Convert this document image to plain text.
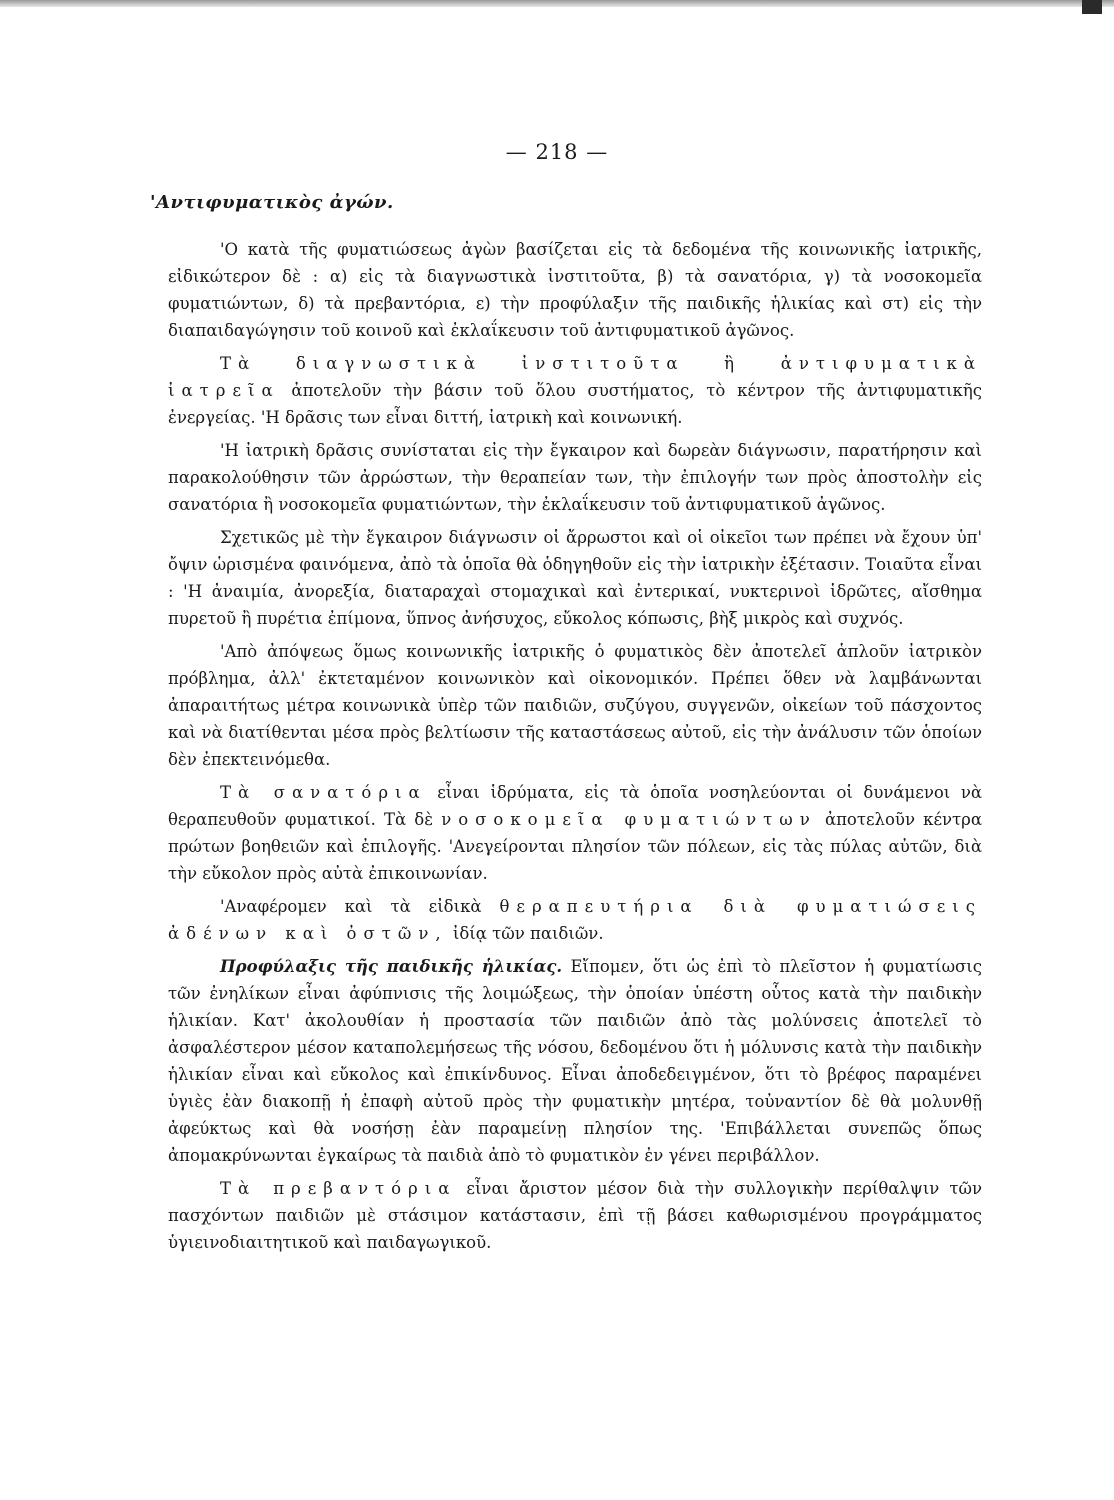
— 218 —
'Αντιφυματικὸς ἀγών.

'Ο κατὰ τῆς φυματιώσεως ἀγὼν βασίζεται εἰς τὰ δεδομένα τῆς κοινωνικῆς ἰατρικῆς, εἰδικώτερον δὲ : α) εἰς τὰ διαγνωστικὰ ἰνστιτοῦτα, β) τὰ σανατόρια, γ) τὰ νοσοκομεῖα φυματιώντων, δ) τὰ πρεβαντόρια, ε) τὴν προφύλαξιν τῆς παιδικῆς ἡλικίας καὶ στ) εἰς τὴν διαπαιδαγώγησιν τοῦ κοινοῦ καὶ ἐκλαΐκευσιν τοῦ ἀντιφυματικοῦ ἀγῶνος.

Τὰ διαγνωστικὰ ἰνστιτοῦτα ἢ ἀντιφυματικὰ ἰατρεῖα ἀποτελοῦν τὴν βάσιν τοῦ ὅλου συστήματος, τὸ κέντρον τῆς ἀντιφυματικῆς ἐνεργείας. 'Η δρᾶσις των εἶναι διττή, ἰατρικὴ καὶ κοινωνική.

'Η ἰατρικὴ δρᾶσις συνίσταται εἰς τὴν ἔγκαιρον καὶ δωρεὰν διάγνωσιν, παρατήρησιν καὶ παρακολούθησιν τῶν ἀρρώστων, τὴν θεραπείαν των, τὴν ἐπιλογήν των πρὸς ἀποστολὴν εἰς σανατόρια ἢ νοσοκομεῖα φυματιώντων, τὴν ἐκλαΐκευσιν τοῦ ἀντιφυματικοῦ ἀγῶνος.

Σχετικῶς μὲ τὴν ἔγκαιρον διάγνωσιν οἱ ἄρρωστοι καὶ οἱ οἰκεῖοι των πρέπει νὰ ἔχουν ὑπ' ὄψιν ὡρισμένα φαινόμενα, ἀπὸ τὰ ὁποῖα θὰ ὁδηγηθοῦν εἰς τὴν ἰατρικὴν ἐξέτασιν. Τοιαῦτα εἶναι : 'Η ἀναιμία, ἀνορεξία, διαταραχαὶ στομαχικαὶ καὶ ἐντερικαί, νυκτερινοὶ ἱδρῶτες, αἴσθημα πυρετοῦ ἢ πυρέτια ἐπίμονα, ὕπνος ἀνήσυχος, εὔκολος κόπωσις, βὴξ μικρὸς καὶ συχνός.

'Απὸ ἀπόψεως ὅμως κοινωνικῆς ἰατρικῆς ὁ φυματικὸς δὲν ἀποτελεῖ ἁπλοῦν ἰατρικὸν πρόβλημα, ἀλλ' ἐκτεταμένον κοινωνικὸν καὶ οἰκονομικόν. Πρέπει ὅθεν νὰ λαμβάνωνται ἀπαραιτήτως μέτρα κοινωνικὰ ὑπὲρ τῶν παιδιῶν, συζύγου, συγγενῶν, οἰκείων τοῦ πάσχοντος καὶ νὰ διατίθενται μέσα πρὸς βελτίωσιν τῆς καταστάσεως αὐτοῦ, εἰς τὴν ἀνάλυσιν τῶν ὁποίων δὲν ἐπεκτεινόμεθα.

Τὰ σανατόρια εἶναι ἱδρύματα, εἰς τὰ ὁποῖα νοσηλεύονται οἱ δυνάμενοι νὰ θεραπευθοῦν φυματικοί. Τὰ δὲ νοσοκομεῖα φυματιώντων ἀποτελοῦν κέντρα πρώτων βοηθειῶν καὶ ἐπιλογῆς. 'Ανεγείρονται πλησίον τῶν πόλεων, εἰς τὰς πύλας αὐτῶν, διὰ τὴν εὔκολον πρὸς αὐτὰ ἐπικοινωνίαν.

'Αναφέρομεν καὶ τὰ εἰδικὰ θεραπευτήρια διὰ φυματιώσεις ἀδένων καὶ ὀστῶν, ἰδίᾳ τῶν παιδιῶν.

Προφύλαξις τῆς παιδικῆς ἡλικίας. Εἴπομεν, ὅτι ὡς ἐπὶ τὸ πλεῖστον ἡ φυματίωσις τῶν ἐνηλίκων εἶναι ἀφύπνισις τῆς λοιμώξεως, τὴν ὁποίαν ὑπέστη οὗτος κατὰ τὴν παιδικὴν ἡλικίαν. Κατ' ἀκολουθίαν ἡ προστασία τῶν παιδιῶν ἀπὸ τὰς μολύνσεις ἀποτελεῖ τὸ ἀσφαλέστερον μέσον καταπολεμήσεως τῆς νόσου, δεδομένου ὅτι ἡ μόλυνσις κατὰ τὴν παιδικὴν ἡλικίαν εἶναι καὶ εὔκολος καὶ ἐπικίνδυνος. Εἶναι ἀποδεδειγμένον, ὅτι τὸ βρέφος παραμένει ὑγιὲς ἐὰν διακοπῇ ἡ ἐπαφὴ αὐτοῦ πρὸς τὴν φυματικὴν μητέρα, τοὐναντίον δὲ θὰ μολυνθῇ ἀφεύκτως καὶ θὰ νοσήσῃ ἐὰν παραμείνῃ πλησίον της. 'Επιβάλλεται συνεπῶς ὅπως ἀπομακρύνωνται ἐγκαίρως τὰ παιδιὰ ἀπὸ τὸ φυματικὸν ἐν γένει περιβάλλον.

Τὰ πρεβαντόρια εἶναι ἄριστον μέσον διὰ τὴν συλλογικὴν περίθαλψιν τῶν πασχόντων παιδιῶν μὲ στάσιμον κατάστασιν, ἐπὶ τῇ βάσει καθωρισμένου προγράμματος ὑγιεινοδιαιτητικοῦ καὶ παιδαγωγικοῦ.
